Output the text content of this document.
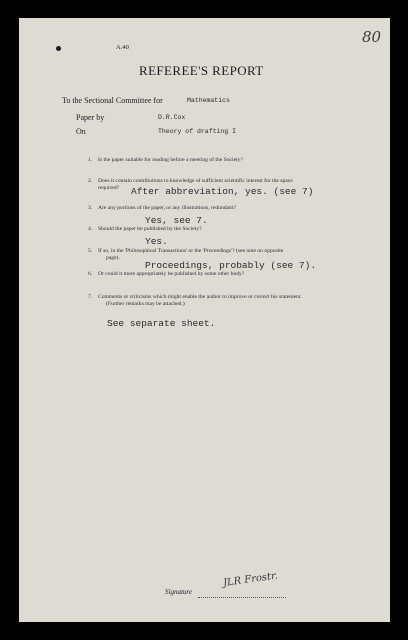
80
A.40
REFEREE'S REPORT
To the Sectional Committee for	Mathematics
Paper by	D.R.Cox
On	Theory of drafting I
1. Is the paper suitable for reading before a meeting of the Society?
2. Does it contain contributions to knowledge of sufficient scientific interest for the space
required? After abbreviation, yes. (see 7)
3. Are any portions of the paper, or any illustrations, redundant?
Yes, see 7.
4. Should the paper be published by the Society?
Yes.
5. If so, in the 'Philosophical Transactions' or the 'Proceedings'? (see note on opposite
page).
Proceedings, probably (see 7).
6. Or could it more appropriately be published by some other body?
7. Comments or criticisms which might enable the author to improve or correct his statement.
(Further remarks may be attached.)
See separate sheet.
Signature
JLR Frostr.
